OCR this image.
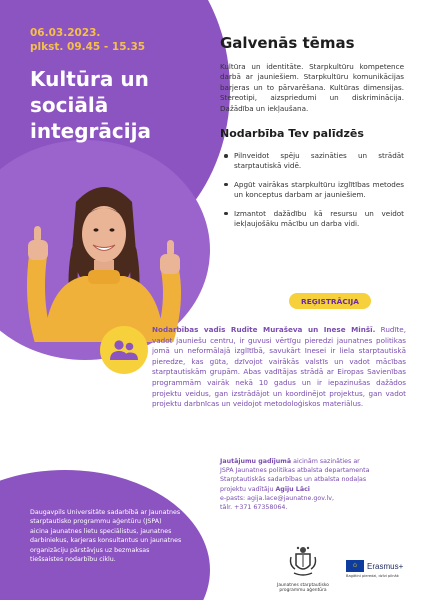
06.03.2023.
plkst. 09.45 - 15.35
Kultūra un sociālā integrācija
Galvenās tēmas

Kultūra un identitāte. Starpkultūru kompetence darbā ar jauniešiem. Starpkultūru komunikācijas barjeras un to pārvarēšana. Kultūras dimensijas. Stereotipi, aizspriedumi un diskriminācija. Dažādība un iekļaušana.

Nodarbība Tev palīdzēs
Pilnveidot spēju sazināties un strādāt starptautiskā vidē.
Apgūt vairākas starpkultūru izglītības metodes un konceptus darbam ar jauniešiem.
Izmantot dažādību kā resursu un veidot iekļaujošāku mācību un darba vidi.
REĢISTRĀCIJA
Nodarbības vadīs Rudīte Muraševa un Inese Minšī. Rudīte, vadot jauniešu centru, ir guvusi vērtīgu pieredzi jaunatnes politikas jomā un neformālajā izglītībā, savukārt Inesei ir liela starptautiskā pieredze, kas gūta, dzīvojot vairākās valstīs un vadot mācības starptautiskām grupām. Abas vadītājas strādā ar Eiropas Savienības programmām vairāk nekā 10 gadus un ir iepazinušas dažādos projektu veidus, gan izstrādājot un koordinējot projektus, gan vadot projektu darbnīcas un veidojot metodoloģiskos materiālus.
Jautājumu gadījumā aicinām sazināties ar JSPA Jaunatnes politikas atbalsta departamenta Starptautiskās sadarbības un atbalsta nodaļas projektu vadītāju Agiju Lāci
e-pasts: agija.lace@jaunatne.gov.lv,
tālr. +371 67358064.
Daugavpils Universitāte sadarbībā ar Jaunatnes starptautisko programmu aģentūru (JSPA) aicina jaunatnes lietu speciālistus, jaunatnes darbiniekus, karjeras konsultantus un jaunatnes organizāciju pārstāvjus uz bezmaksas tiešsaistes nodarbību ciklu.
Jaunatnes starptautisko programmu aģentūra
✩ Erasmus+
Bagātini pieredzi, dzīvi pilnāk
